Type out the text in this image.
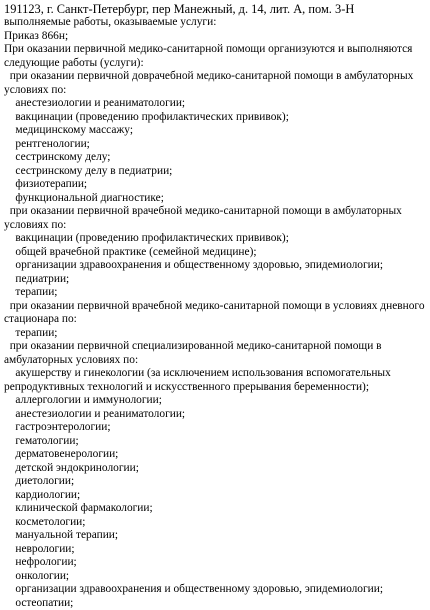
191123, г. Санкт-Петербург, пер Манежный, д. 14, лит. А, пом. 3-Н

выполняемые работы, оказываемые услуги:

Приказ 866н;

При оказании первичной медико-санитарной помощи организуются и выполняются следующие работы (услуги):

при оказании первичной доврачебной медико-санитарной помощи в амбулаторных условиях по:

анестезиологии и реаниматологии;

вакцинации (проведению профилактических прививок);

медицинскому массажу;

рентгенологии;

сестринскому делу;

сестринскому делу в педиатрии;

физиотерапии;

функциональной диагностике;

при оказании первичной врачебной медико-санитарной помощи в амбулаторных условиях по:

вакцинации (проведению профилактических прививок);

общей врачебной практике (семейной медицине);

организации здравоохранения и общественному здоровью, эпидемиологии;

педиатрии;

терапии;

при оказании первичной врачебной медико-санитарной помощи в условиях дневного стационара по:

терапии;

при оказании первичной специализированной медико-санитарной помощи в амбулаторных условиях по:

акушерству и гинекологии (за исключением использования вспомогательных репродуктивных технологий и искусственного прерывания беременности);

аллергологии и иммунологии;

анестезиологии и реаниматологии;

гастроэнтерологии;

гематологии;

дерматовенерологии;

детской эндокринологии;

диетологии;

кардиологии;

клинической фармакологии;

косметологии;

мануальной терапии;

неврологии;

нефрологии;

онкологии;

организации здравоохранения и общественному здоровью, эпидемиологии;

остеопатии;
